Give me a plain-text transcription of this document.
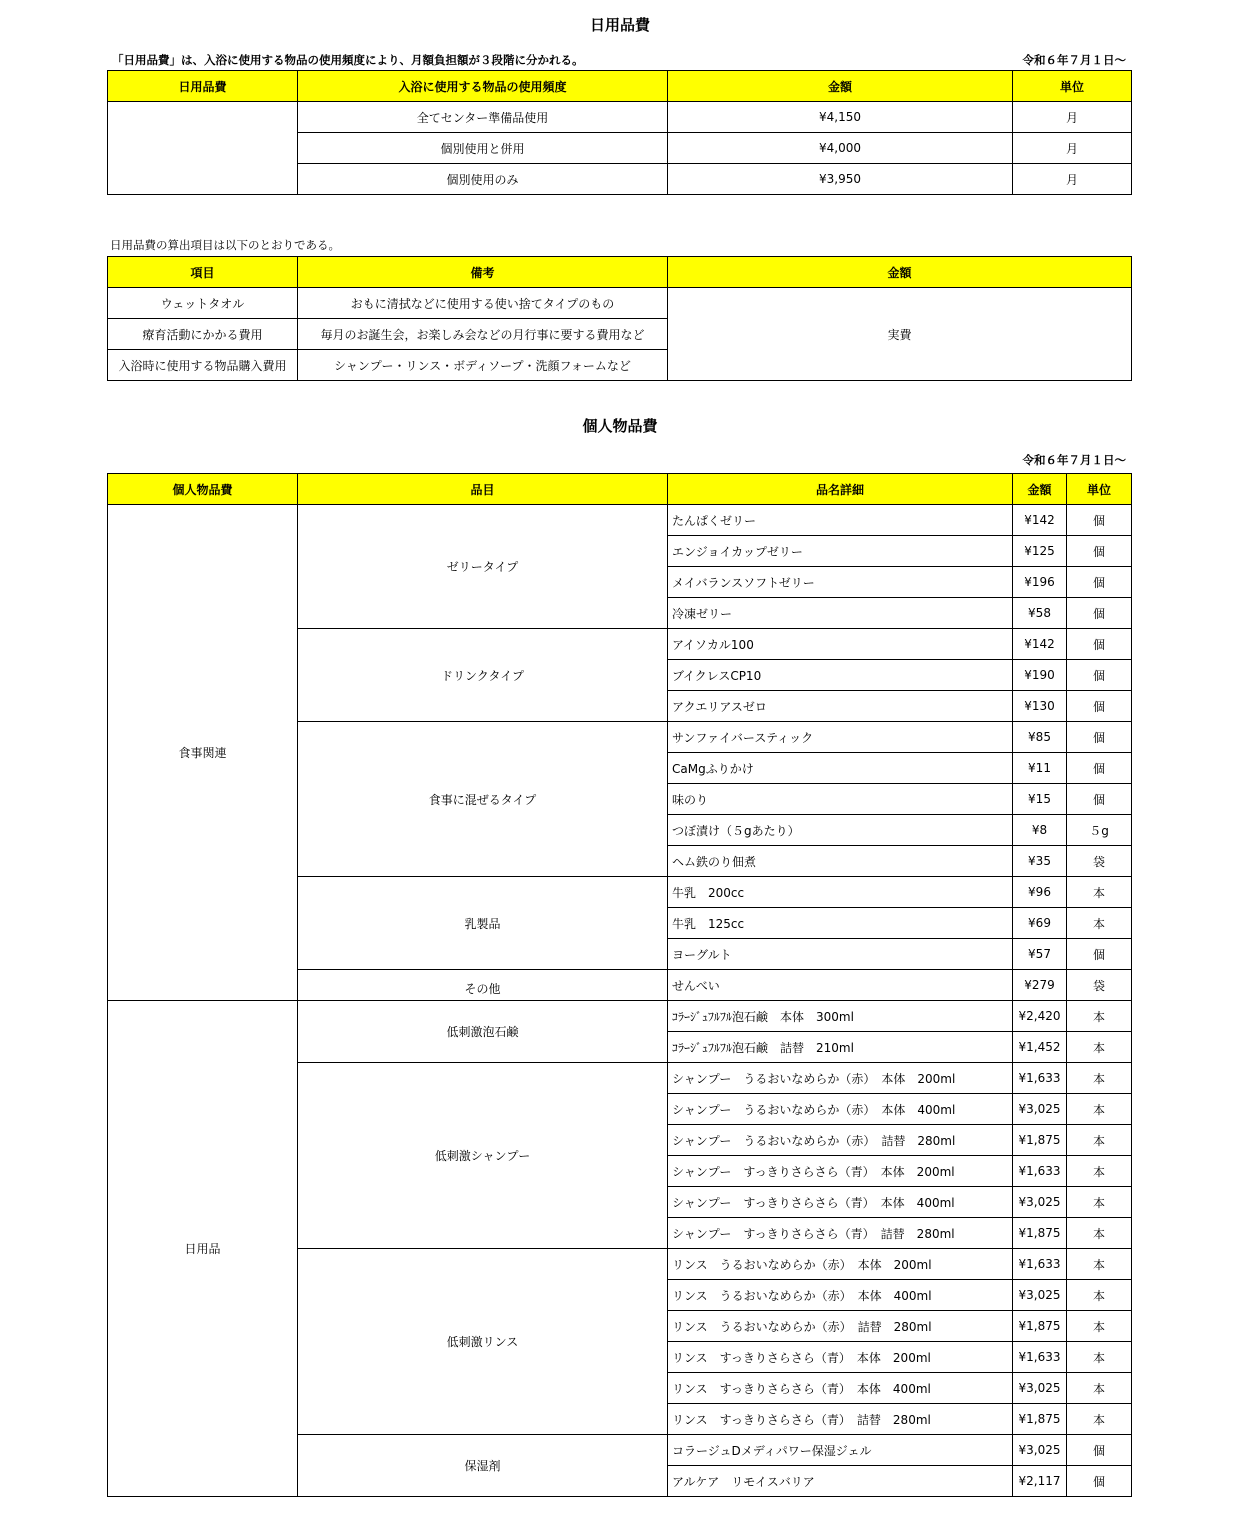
日用品費
「日用品費」は、入浴に使用する物品の使用頻度により、月額負担額が３段階に分かれる。	令和６年７月１日～
日用品費	入浴に使用する物品の使用頻度	金額	単位
	全てセンター準備品使用	¥4,150	月
	個別使用と併用	¥4,000	月
	個別使用のみ	¥3,950	月
日用品費の算出項目は以下のとおりである。
項目	備考	金額
ウェットタオル	おもに清拭などに使用する使い捨てタイプのもの	実費
療育活動にかかる費用	毎月のお誕生会，お楽しみ会などの月行事に要する費用など	
入浴時に使用する物品購入費用	シャンプー・リンス・ボディソープ・洗顔フォームなど	
個人物品費
令和６年７月１日～
個人物品費	品目	品名詳細	金額	単位
食事関連	ゼリータイプ	たんぱくゼリー	¥142	個
		エンジョイカップゼリー	¥125	個
		メイバランスソフトゼリー	¥196	個
		冷凍ゼリー	¥58	個
	ドリンクタイプ	アイソカル100	¥142	個
		ブイクレスCP10	¥190	個
		アクエリアスゼロ	¥130	個
	食事に混ぜるタイプ	サンファイバースティック	¥85	個
		CaMgふりかけ	¥11	個
		味のり	¥15	個
		つぼ漬け（５gあたり）	¥8	５g
		ヘム鉄のり佃煮	¥35	袋
	乳製品	牛乳　200cc	¥96	本
		牛乳　125cc	¥69	本
		ヨーグルト	¥57	個
	その他	せんべい	¥279	袋
日用品	低刺激泡石鹸	ｺﾗｰｼﾞｭﾌﾙﾌﾙ泡石鹸　本体　300ml	¥2,420	本
		ｺﾗｰｼﾞｭﾌﾙﾌﾙ泡石鹸　詰替　210ml	¥1,452	本
	低刺激シャンプー	シャンプー　うるおいなめらか（赤）　本体　200ml	¥1,633	本
		シャンプー　うるおいなめらか（赤）　本体　400ml	¥3,025	本
		シャンプー　うるおいなめらか（赤）　詰替　280ml	¥1,875	本
		シャンプー　すっきりさらさら（青）　本体　200ml	¥1,633	本
		シャンプー　すっきりさらさら（青）　本体　400ml	¥3,025	本
		シャンプー　すっきりさらさら（青）　詰替　280ml	¥1,875	本
	低刺激リンス	リンス　うるおいなめらか（赤）　本体　200ml	¥1,633	本
		リンス　うるおいなめらか（赤）　本体　400ml	¥3,025	本
		リンス　うるおいなめらか（赤）　詰替　280ml	¥1,875	本
		リンス　すっきりさらさら（青）　本体　200ml	¥1,633	本
		リンス　すっきりさらさら（青）　本体　400ml	¥3,025	本
		リンス　すっきりさらさら（青）　詰替　280ml	¥1,875	本
	保湿剤	コラージュDメディパワー保湿ジェル	¥3,025	個
		アルケア　リモイスバリア	¥2,117	個
